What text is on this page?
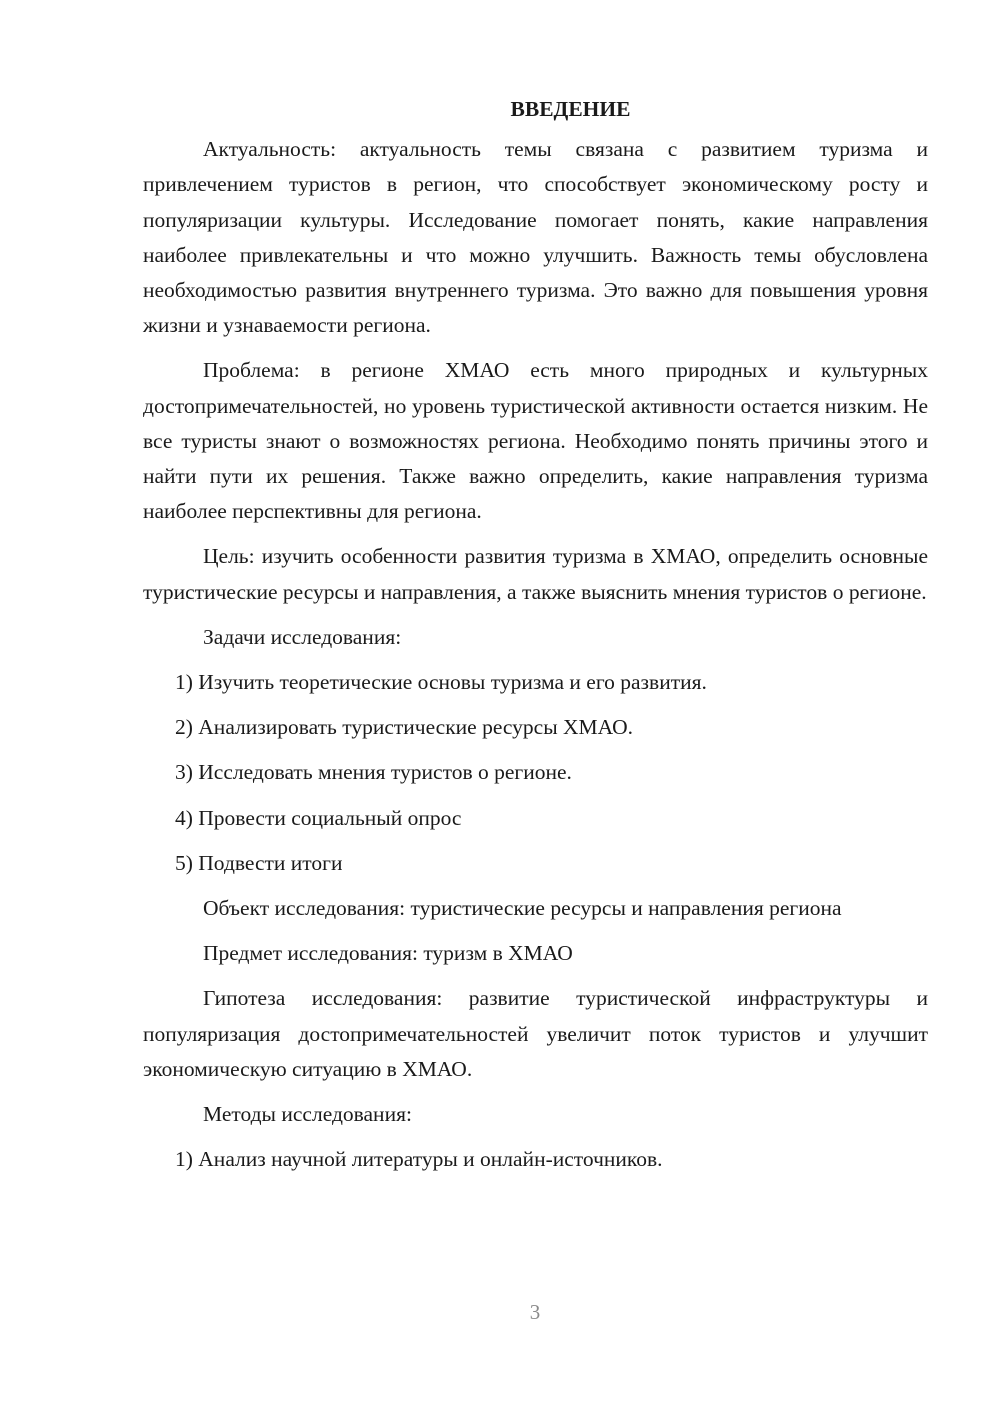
ВВЕДЕНИЕ

Актуальность: актуальность темы связана с развитием туризма и привлечением туристов в регион, что способствует экономическому росту и популяризации культуры. Исследование помогает понять, какие направления наиболее привлекательны и что можно улучшить. Важность темы обусловлена необходимостью развития внутреннего туризма. Это важно для повышения уровня жизни и узнаваемости региона.

Проблема: в регионе ХМАО есть много природных и культурных достопримечательностей, но уровень туристической активности остается низким. Не все туристы знают о возможностях региона. Необходимо понять причины этого и найти пути их решения. Также важно определить, какие направления туризма наиболее перспективны для региона.

Цель: изучить особенности развития туризма в ХМАО, определить основные туристические ресурсы и направления, а также выяснить мнения туристов о регионе.

Задачи исследования:

1) Изучить теоретические основы туризма и его развития.

2) Анализировать туристические ресурсы ХМАО.

3) Исследовать мнения туристов о регионе.

4) Провести социальный опрос

5) Подвести итоги

Объект исследования: туристические ресурсы и направления региона

Предмет исследования: туризм в ХМАО

Гипотеза исследования: развитие туристической инфраструктуры и популяризация достопримечательностей увеличит поток туристов и улучшит экономическую ситуацию в ХМАО.

Методы исследования:

1) Анализ научной литературы и онлайн-источников.

3
